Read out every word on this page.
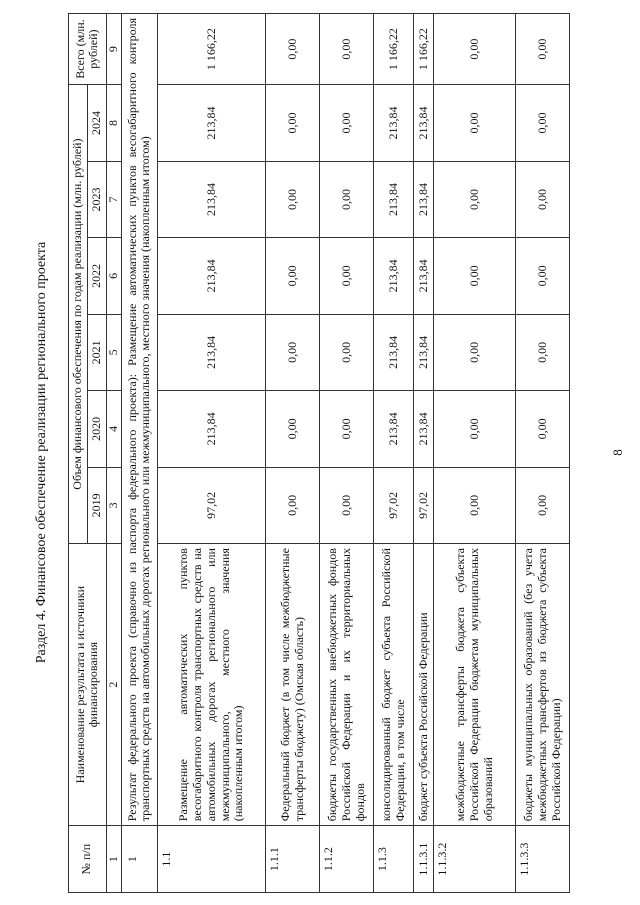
8
Раздел 4. Финансовое обеспечение реализации регионального проекта
№ п/п	Наименование результата и источники финансирования	Объем финансового обеспечения по годам реализации (млн. рублей)						Всего (млн. рублей)
		2019	2020	2021	2022	2023	2024	
1	2	3	4	5	6	7	8	9
1	Результат федерального проекта (справочно из паспорта федерального проекта): Размещение автоматических пунктов весогабаритного контроля транспортных средств на автомобильных дорогах регионального или межмуниципального, местного значения (накопленным итогом)							
1.1	Размещение автоматических пунктов весогабаритного контроля транспортных средств на автомобильных дорогах регионального или межмуниципального, местного значения (накопленным итогом)	97,02	213,84	213,84	213,84	213,84	213,84	1 166,22
1.1.1	Федеральный бюджет (в том числе межбюджетные трансферты бюджету) (Омская область)	0,00	0,00	0,00	0,00	0,00	0,00	0,00
1.1.2	бюджеты государственных внебюджетных фондов Российской Федерации и их территориальных фондов	0,00	0,00	0,00	0,00	0,00	0,00	0,00
1.1.3	консолидированный бюджет субъекта Российской Федерации, в том числе	97,02	213,84	213,84	213,84	213,84	213,84	1 166,22
1.1.3.1	бюджет субъекта Российской Федерации	97,02	213,84	213,84	213,84	213,84	213,84	1 166,22
1.1.3.2	межбюджетные трансферты бюджета субъекта Российской Федерации бюджетам муниципальных образований	0,00	0,00	0,00	0,00	0,00	0,00	0,00
1.1.3.3	бюджеты муниципальных образований (без учета межбюджетных трансфертов из бюджета субъекта Российской Федерации)	0,00	0,00	0,00	0,00	0,00	0,00	0,00
